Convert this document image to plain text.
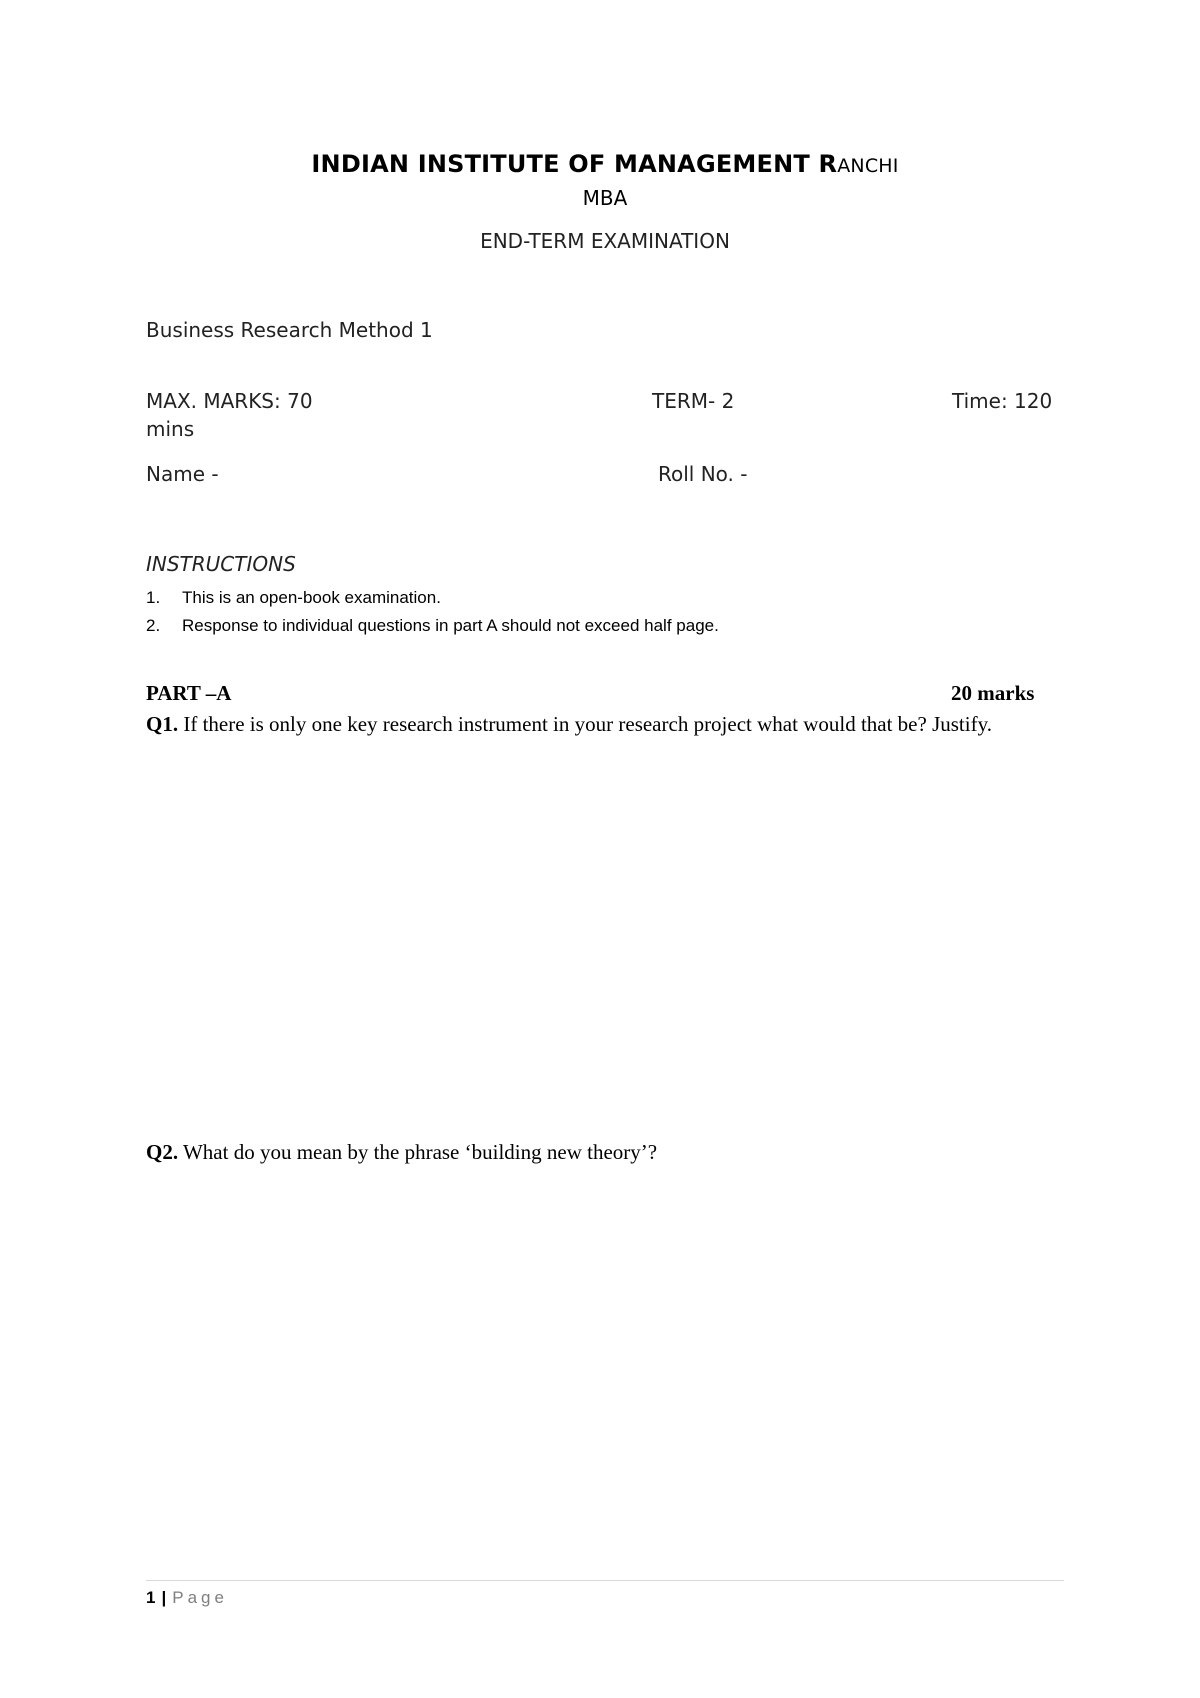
INDIAN INSTITUTE OF MANAGEMENT RANCHI
MBA
END-TERM EXAMINATION
Business Research Method 1
MAX. MARKS: 70	TERM- 2	Time: 120
mins
Name -	Roll No. -
INSTRUCTIONS
1.	This is an open-book examination.
2.	Response to individual questions in part A should not exceed half page.
PART –A	20 marks
Q1. If there is only one key research instrument in your research project what would that be? Justify.
Q2. What do you mean by the phrase ‘building new theory’?
1 | Page
